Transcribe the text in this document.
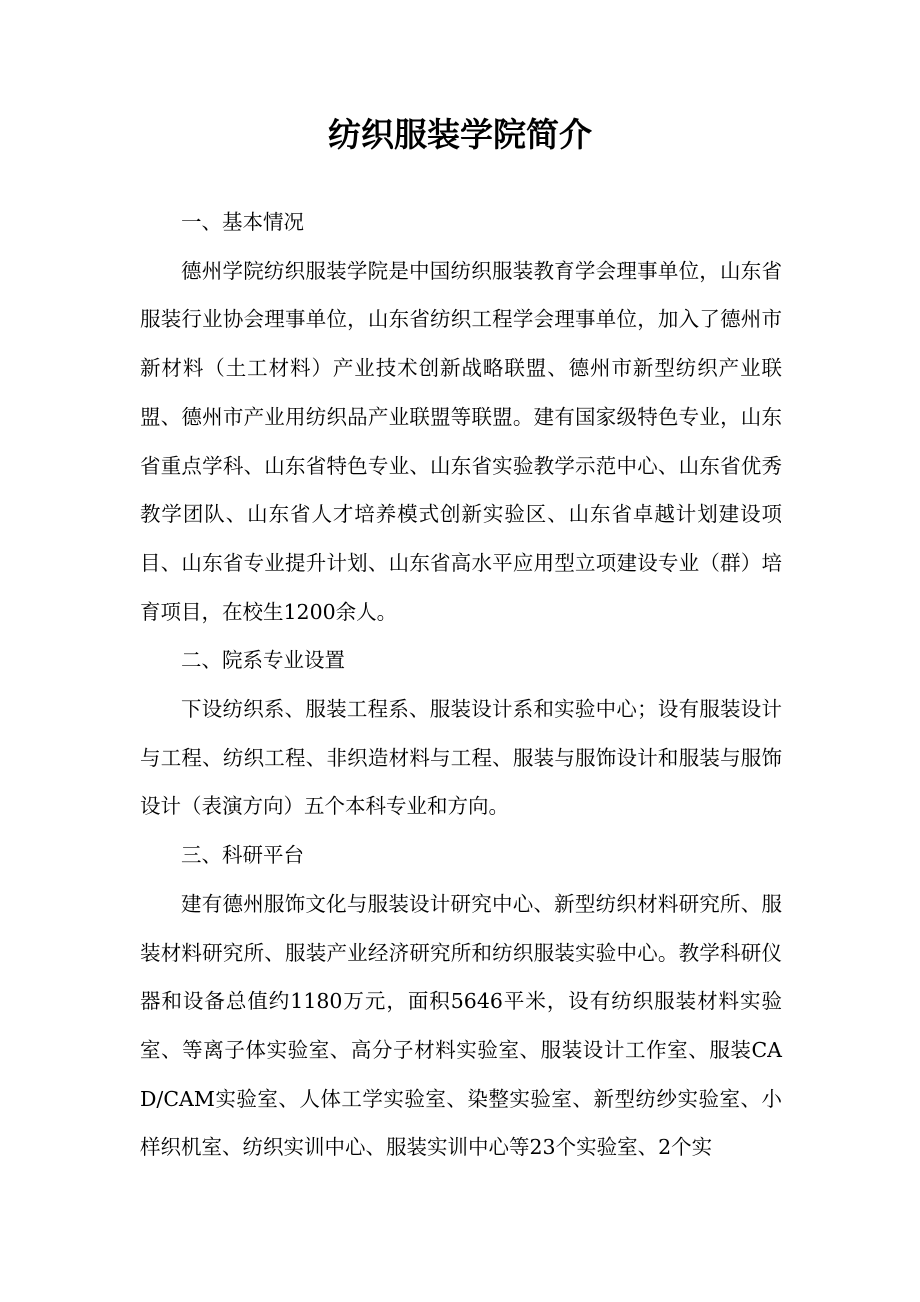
纺织服装学院简介

一、基本情况

德州学院纺织服装学院是中国纺织服装教育学会理事单位，山东省服装行业协会理事单位，山东省纺织工程学会理事单位，加入了德州市新材料（土工材料）产业技术创新战略联盟、德州市新型纺织产业联盟、德州市产业用纺织品产业联盟等联盟。建有国家级特色专业，山东省重点学科、山东省特色专业、山东省实验教学示范中心、山东省优秀教学团队、山东省人才培养模式创新实验区、山东省卓越计划建设项目、山东省专业提升计划、山东省高水平应用型立项建设专业（群）培育项目，在校生1200余人。

二、院系专业设置

下设纺织系、服装工程系、服装设计系和实验中心；设有服装设计与工程、纺织工程、非织造材料与工程、服装与服饰设计和服装与服饰设计（表演方向）五个本科专业和方向。

三、科研平台

建有德州服饰文化与服装设计研究中心、新型纺织材料研究所、服装材料研究所、服装产业经济研究所和纺织服装实验中心。教学科研仪器和设备总值约1180万元，面积5646平米，设有纺织服装材料实验室、等离子体实验室、高分子材料实验室、服装设计工作室、服装CAD/CAM实验室、人体工学实验室、染整实验室、新型纺纱实验室、小样织机室、纺织实训中心、服装实训中心等23个实验室、2个实
